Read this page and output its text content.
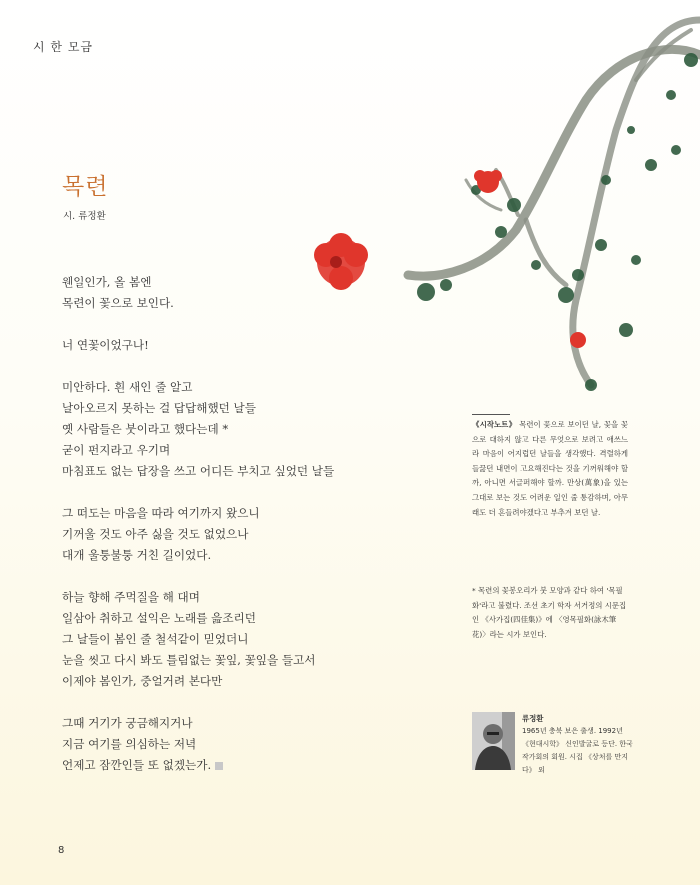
시 한 모금
목련
시. 류정환
웬일인가, 올 봄엔
목련이 꽃으로 보인다.
너 연꽃이었구나!
미안하다. 흰 새인 줄 알고
날아오르지 못하는 걸 답답해했던 날들
옛 사람들은 붓이라고 했다는데 *
굳이 펀지라고 우기며
마침표도 없는 답장을 쓰고 어디든 부치고 싶었던 날들
그 떠도는 마음을 따라 여기까지 왔으니
기꺼울 것도 아주 싫을 것도 없었으나
대개 울퉁불퉁 거친 길이었다.
하늘 향해 주먹질을 해 대며
일삼아 취하고 설익은 노래를 읊조리던
그 날들이 봄인 줄 철석같이 믿었더니
눈을 씻고 다시 봐도 틀림없는 꽃잎, 꽃잎을 들고서
이제야 봄인가, 중얼거려 본다만
그때 거기가 궁금해지거나
지금 여기를 의심하는 저녁
언제고 잠깐인들 또 없겠는가.
《시작노트》 목련이 꽃으로 보이던 날, 꽃을 꽃으로 대하지 않고 다른 무엇으로 보려고 애쓰느라 마음이 어지럽던 날들을 생각했다. 격렬하게 들끓던 내면이 고요해진다는 것을 기꺼워해야 할까, 아니면 서글퍼해야 할까. 만상(萬象)을 있는 그대로 보는 것도 어려운 일인 줄 통감하며, 아무래도 더 흔들려야겠다고 부추겨 보던 날.
* 목련의 꽃봉오리가 붓 모양과 같다 하여 '목필화'라고 불렸다. 조선 초기 학자 서거정의 시문집인 《사가집(四佳集)》에 〈영목필화(詠木筆花)〉라는 시가 보인다.
류정환
1965년 충북 보은 출생. 1992년 《현대시학》 신인발굴로 등단. 한국작가회의 회원. 시집 《상처를 만지다》 외
8
